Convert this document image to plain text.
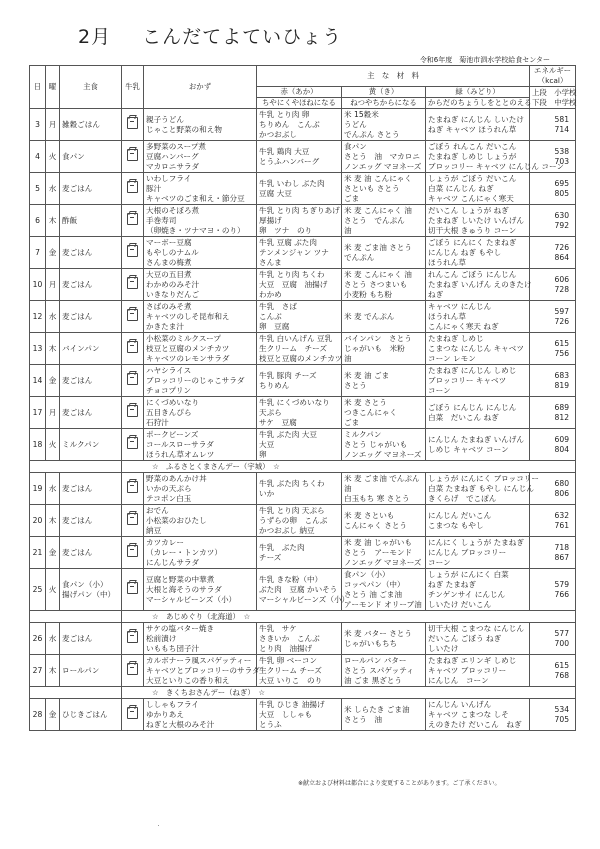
2月 こんだてよていひょう
令和6年度　菊池市泗水学校給食センター
日	曜	主食	牛乳	おかず	主　な　材　料			エネルギー
（kcal）
					赤（あか）	黄（き）	緑（みどり）	上段　小学校
下段　中学校
					ちやにくやほねになる	ねつやちからになる	からだのちょうしをととのえる	
3	月	雑穀ごはん		親子うどん
じゃこと野菜の和え物	牛乳 とり肉 卵
ちりめん　こんぶ
かつおぶし	米 15穀米
うどん
でんぷん さとう	たまねぎ にんじん しいたけ
ねぎ キャベツ ほうれん草	581
714
4	火	食パン		多野菜のスープ煮
豆腐ハンバーグ
マカロニサラダ	牛乳 鶏肉 大豆
とうふハンバーグ	食パン
さとう　油　マカロニ
ノンエッグ マヨネーズ	ごぼう れんこん だいこん
たまねぎ しめじ しょうが
ブロッコリー キャベツ にんじん コーン	538
703
5	水	麦ごはん		いわしフライ
豚汁
キャベツのごま和え・節分豆	牛乳 いわし ぶた肉
豆腐 大豆	米 麦 油 こんにゃく
さといも さとう
ごま	しょうが ごぼう だいこん
白菜 にんじん ねぎ
キャベツ こんにゃく寒天	695
805
6	木	酢飯		大根のそぼろ煮
手巻寿司
（卵焼き・ツナマヨ・のり）	牛乳 とり肉 ちぎりあげ
厚揚げ
卵　ツナ　のり	米 麦 こんにゃく 油
さとう　でんぷん
油	だいこん しょうが ねぎ
たまねぎ しいたけ いんげん
切干大根 きゅうり コーン	630
792
7	金	麦ごはん		マーボー豆腐
もやしのナムル
さんまの梅煮	牛乳 豆腐 ぶた肉
テンメンジャン ツナ
さんま	米 麦 ごま油 さとう
でんぷん	ごぼう にんにく たまねぎ
にんじん ねぎ もやし
ほうれん草	726
864
10	月	麦ごはん		大豆の五目煮
わかめのみそ汁
いきなりだんご	牛乳 とり肉 ちくわ
大豆　豆腐　油揚げ
わかめ	米 麦 こんにゃく 油
さとう さつまいも
小麦粉 もち粉	れんこん ごぼう にんじん
たまねぎ いんげん えのきたけ
ねぎ	606
728
12	水	麦ごはん		さばのみそ煮
キャベツのしそ昆布和え
かきたま汁	牛乳　さば
こんぶ
卵　豆腐	米 麦 でんぷん	キャベツ にんじん
ほうれん草
こんにゃく寒天 ねぎ	597
726
13	木	バインパン		小松菜のミルクスープ
枝豆と豆腐のメンチカツ
キャベツのレモンサラダ	牛乳 白いんげん 豆乳
生クリーム　チーズ
枝豆と豆腐のメンチカツ	バインパン　さとう
じゃがいも　米粉
油	たまねぎ しめじ
こまつな にんじん キャベツ
コーン レモン	615
756
14	金	麦ごはん		ハヤシライス
ブロッコリーのじゃこサラダ
チョコプリン	牛乳 豚肉 チーズ
ちりめん	米 麦 油 ごま
さとう	たまねぎ にんじん しめじ
ブロッコリー キャベツ
コーン	683
819
17	月	麦ごはん		にくづめいなり
五目きんぴら
石狩汁	牛乳 にくづめいなり
天ぷら
サケ　豆腐	米 麦 さとう
つきこんにゃく
ごま	ごぼう にんじん にんじん
白菜　だいこん ねぎ	689
812
18	火	ミルクパン		ポークビーンズ
コールスローサラダ
ほうれん草オムレツ	牛乳 ぶた肉 大豆
大豆
卵	ミルクパン
さとう じゃがいも
ノンエッグ マヨネーズ	にんじん たまねぎ いんげん
しめじ キャベツ コーン	609
804
			☆　ふるさとくまさんデー（宇城）　☆					
19	水	麦ごはん		野菜のあんかけ丼
いかの天ぷら
テコポン白玉	牛乳 ぶた肉 ちくわ
いか	米 麦 ごま油 でんぷん
油
白玉もち 寒 さとう	しょうが にんにく ブロッコリー
白菜 たまねぎ もやし にんじん
きくらげ　でこぽん	680
806
20	木	麦ごはん		おでん
小松菜のおひたし
納豆	牛乳 とり肉 天ぷら
うずらの卵　こんぶ
かつおぶし 納豆	米 麦 さといも
こんにゃく さとう	にんじん だいこん
こまつな もやし	632
761
21	金	麦ごはん		カツカレー
（カレー・トンカツ）
にんじんサラダ	牛乳　ぶた肉
チーズ	米 麦 油 じゃがいも
さとう　アーモンド
ノンエッグ マヨネーズ	にんにく しょうが たまねぎ
にんじん ブロッコリー
コーン	718
867
25	火	食パン（小）
揚げパン（中）		豆腐と野菜の中華煮
大根と海そうのサラダ
マーシャルビーンズ（小）	牛乳 きな粉（中）
ぶた肉　豆腐 かいそう
マーシャルビーンズ（小）	食パン（小）
コッペパン（中）
さとう 油 ごま油
アーモンド オリーブ油	しょうが にんにく 白菜
ねぎ たまねぎ
チンゲンサイ にんじん
しいたけ だいこん	579
766
			☆　あじめぐり（北海道）　☆					
26	水	麦ごはん		サケの塩バター焼き
松前漬け
いももち団子汁	牛乳　サケ
さきいか　こんぶ
とり肉　油揚げ	米 麦 バター さとう
じゃがいもちち	切干大根 こまつな にんじん
だいこん ごぼう ねぎ
しいたけ	577
700
27	木	ロールパン		カルボナーラ風スパゲッティー
キャベツとブロッコリーのサラダ
大豆といりこの香り和え	牛乳 卵 ベーコン
生クリーム チーズ
大豆 いりこ　のり	ロールパン バター
さとう スパゲッティ
油 ごま 黒ざとう	たまねぎ エリンギ しめじ
キャベツ ブロッコリー
にんじん　コーン	615
768
			☆　きくちおさんデー（ねぎ）　☆					
28	金	ひじきごはん		ししゃもフライ
ゆかりあえ
ねぎと大根のみそ汁	牛乳 ひじき 油揚げ
大豆　ししゃも
とうふ	米 しらたき ごま油
さとう　油	にんじん いんげん
キャベツ こまつな しそ
えのきたけ だいこん　ねぎ	534
705
※献立および材料は都合により変更することがあります。ご了承ください。
